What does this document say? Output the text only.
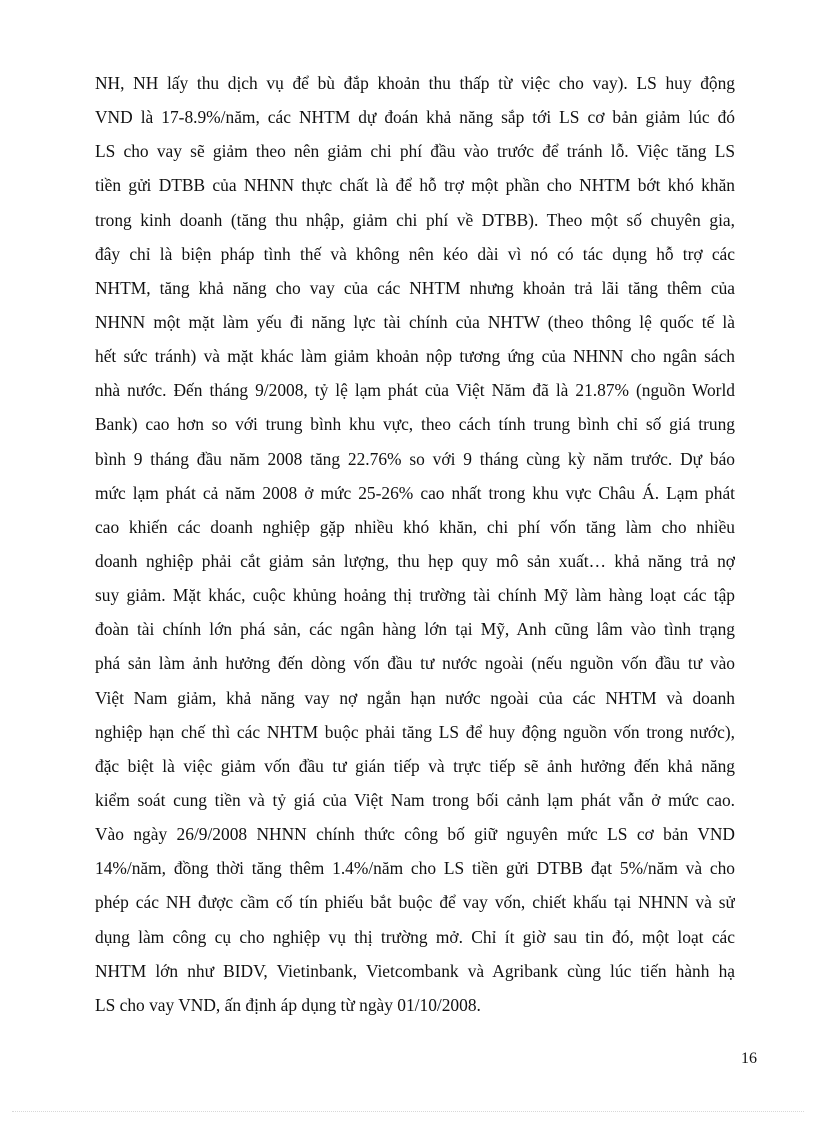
NH, NH lấy thu dịch vụ để bù đắp khoản thu thấp từ việc cho vay). LS huy động
VND là 17-8.9%/năm, các NHTM dự đoán khả năng sắp tới LS cơ bản giảm lúc đó
LS cho vay sẽ giảm theo nên giảm chi phí đầu vào trước để tránh lỗ. Việc tăng LS
tiền gửi DTBB của NHNN thực chất là để hỗ trợ một phần cho NHTM bớt khó khăn
trong kinh doanh (tăng thu nhập, giảm chi phí về DTBB). Theo một số chuyên gia,
đây chỉ là biện pháp tình thế và không nên kéo dài vì nó có tác dụng hỗ trợ các
NHTM, tăng khả năng cho vay của các NHTM nhưng khoản trả lãi tăng thêm của
NHNN một mặt làm yếu đi năng lực tài chính của NHTW (theo thông lệ quốc tế là
hết sức tránh) và mặt khác làm giảm khoản nộp tương ứng của NHNN cho ngân sách
nhà nước. Đến tháng 9/2008, tỷ lệ lạm phát của Việt Năm đã là 21.87% (nguồn World
Bank) cao hơn so với trung bình khu vực, theo cách tính trung bình chỉ số giá trung
bình 9 tháng đầu năm 2008 tăng 22.76% so với 9 tháng cùng kỳ năm trước. Dự báo
mức lạm phát cả năm 2008 ở mức 25-26% cao nhất trong khu vực Châu Á. Lạm phát
cao khiến các doanh nghiệp gặp nhiều khó khăn, chi phí vốn tăng làm cho nhiều
doanh nghiệp phải cắt giảm sản lượng, thu hẹp quy mô sản xuất… khả năng trả nợ
suy giảm. Mặt khác, cuộc khủng hoảng thị trường tài chính Mỹ làm hàng loạt các tập
đoàn tài chính lớn phá sản, các ngân hàng lớn tại Mỹ, Anh cũng lâm vào tình trạng
phá sản làm ảnh hưởng đến dòng vốn đầu tư nước ngoài (nếu nguồn vốn đầu tư vào
Việt Nam giảm, khả năng vay nợ ngắn hạn nước ngoài của các NHTM và doanh
nghiệp hạn chế thì các NHTM buộc phải tăng LS để huy động nguồn vốn trong nước),
đặc biệt là việc giảm vốn đầu tư gián tiếp và trực tiếp sẽ ảnh hưởng đến khả năng
kiểm soát cung tiền và tỷ giá của Việt Nam trong bối cảnh lạm phát vẫn ở mức cao.
Vào ngày 26/9/2008 NHNN chính thức công bố giữ nguyên mức LS cơ bản VND
14%/năm, đồng thời tăng thêm 1.4%/năm cho LS tiền gửi DTBB đạt 5%/năm và cho
phép các NH được cầm cố tín phiếu bắt buộc để vay vốn, chiết khấu tại NHNN và sử
dụng làm công cụ cho nghiệp vụ thị trường mở. Chỉ ít giờ sau tin đó, một loạt các
NHTM lớn như BIDV, Vietinbank, Vietcombank và Agribank cùng lúc tiến hành hạ
LS cho vay VND, ấn định áp dụng từ ngày 01/10/2008.
16
